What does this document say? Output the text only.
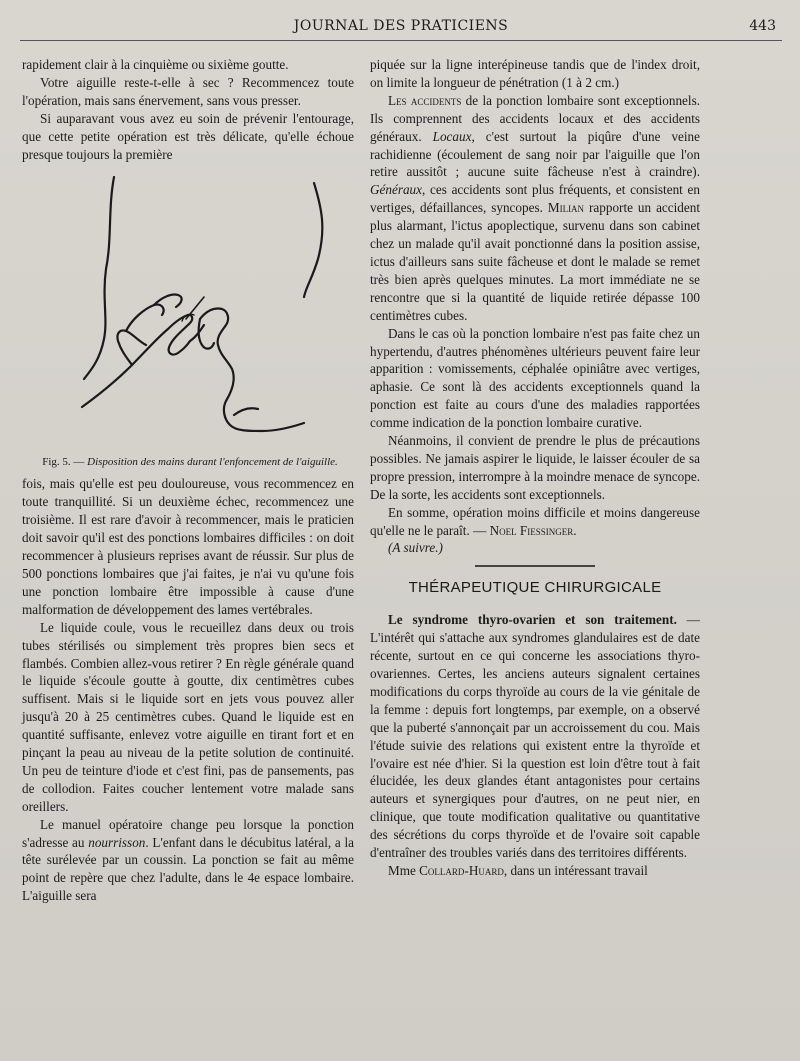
JOURNAL DES PRATICIENS	443

rapidement clair à la cinquième ou sixième goutte.

Votre aiguille reste-t-elle à sec ? Recommencez toute l'opération, mais sans énervement, sans vous presser.

Si auparavant vous avez eu soin de prévenir l'entourage, que cette petite opération est très délicate, qu'elle échoue presque toujours la première

Fig. 5. — Disposition des mains durant l'enfoncement de l'aiguille.

fois, mais qu'elle est peu douloureuse, vous recommencez en toute tranquillité. Si un deuxième échec, recommencez une troisième. Il est rare d'avoir à recommencer, mais le praticien doit savoir qu'il est des ponctions lombaires difficiles : on doit recommencer à plusieurs reprises avant de réussir. Sur plus de 500 ponctions lombaires que j'ai faites, je n'ai vu qu'une fois une ponction lombaire être impossible à cause d'une malformation de développement des lames vertébrales.

Le liquide coule, vous le recueillez dans deux ou trois tubes stérilisés ou simplement très propres bien secs et flambés. Combien allez-vous retirer ? En règle générale quand le liquide s'écoule goutte à goutte, dix centimètres cubes suffisent. Mais si le liquide sort en jets vous pouvez aller jusqu'à 20 à 25 centimètres cubes. Quand le liquide est en quantité suffisante, enlevez votre aiguille en tirant fort et en pinçant la peau au niveau de la petite solution de continuité. Un peu de teinture d'iode et c'est fini, pas de pansements, pas de collodion. Faites coucher lentement votre malade sans oreillers.

Le manuel opératoire change peu lorsque la ponction s'adresse au nourrisson. L'enfant dans le décubitus latéral, a la tête surélevée par un coussin. La ponction se fait au même point de repère que chez l'adulte, dans le 4e espace lombaire. L'aiguille sera

piquée sur la ligne interépineuse tandis que de l'index droit, on limite la longueur de pénétration (1 à 2 cm.)

Les accidents de la ponction lombaire sont exceptionnels. Ils comprennent des accidents locaux et des accidents généraux. Locaux, c'est surtout la piqûre d'une veine rachidienne (écoulement de sang noir par l'aiguille que l'on retire aussitôt ; aucune suite fâcheuse n'est à craindre). Généraux, ces accidents sont plus fréquents, et consistent en vertiges, défaillances, syncopes. Milian rapporte un accident plus alarmant, l'ictus apoplectique, survenu dans son cabinet chez un malade qu'il avait ponctionné dans la position assise, ictus d'ailleurs sans suite fâcheuse et dont le malade se remet très bien après quelques minutes. La mort immédiate ne se rencontre que si la quantité de liquide retirée dépasse 100 centimètres cubes.

Dans le cas où la ponction lombaire n'est pas faite chez un hypertendu, d'autres phénomènes ultérieurs peuvent faire leur apparition : vomissements, céphalée opiniâtre avec vertiges, aphasie. Ce sont là des accidents exceptionnels quand la ponction est faite au cours d'une des maladies rapportées comme indication de la ponction lombaire curative.

Néanmoins, il convient de prendre le plus de précautions possibles. Ne jamais aspirer le liquide, le laisser écouler de sa propre pression, interrompre à la moindre menace de syncope. De la sorte, les accidents sont exceptionnels.

En somme, opération moins difficile et moins dangereuse qu'elle ne le paraît. — Noel Fiessinger.

(A suivre.)

THÉRAPEUTIQUE CHIRURGICALE

Le syndrome thyro-ovarien et son traitement. — L'intérêt qui s'attache aux syndromes glandulaires est de date récente, surtout en ce qui concerne les associations thyro-ovariennes. Certes, les anciens auteurs signalent certaines modifications du corps thyroïde au cours de la vie génitale de la femme : depuis fort longtemps, par exemple, on a observé que la puberté s'annonçait par un accroissement du cou. Mais l'étude suivie des relations qui existent entre la thyroïde et l'ovaire est née d'hier. Si la question est loin d'être tout à fait élucidée, les deux glandes étant antagonistes pour certains auteurs et synergiques pour d'autres, on ne peut nier, en clinique, que toute modification qualitative ou quantitative des sécrétions du corps thyroïde et de l'ovaire soit capable d'entraîner des troubles variés dans des territoires différents.

Mme Collard-Huard, dans un intéressant travail
